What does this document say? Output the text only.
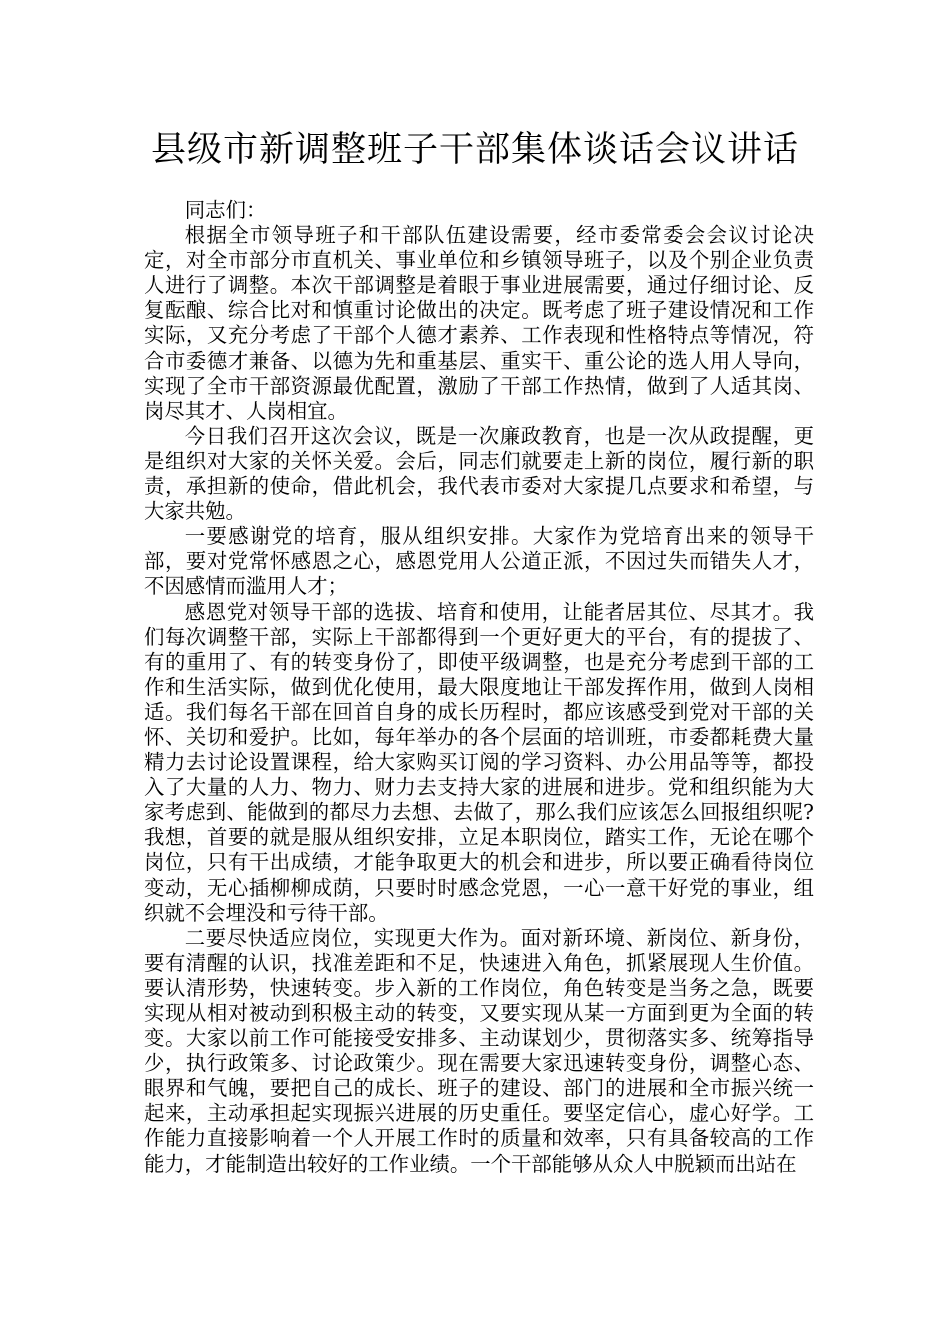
县级市新调整班子干部集体谈话会议讲话

同志们：

根据全市领导班子和干部队伍建设需要，经市委常委会会议讨论决定，对全市部分市直机关、事业单位和乡镇领导班子，以及个别企业负责人进行了调整。本次干部调整是着眼于事业进展需要，通过仔细讨论、反复酝酿、综合比对和慎重讨论做出的决定。既考虑了班子建设情况和工作实际，又充分考虑了干部个人德才素养、工作表现和性格特点等情况，符合市委德才兼备、以德为先和重基层、重实干、重公论的选人用人导向，实现了全市干部资源最优配置，激励了干部工作热情，做到了人适其岗、岗尽其才、人岗相宜。

今日我们召开这次会议，既是一次廉政教育，也是一次从政提醒，更是组织对大家的关怀关爱。会后，同志们就要走上新的岗位，履行新的职责，承担新的使命，借此机会，我代表市委对大家提几点要求和希望，与大家共勉。

一要感谢党的培育，服从组织安排。大家作为党培育出来的领导干部，要对党常怀感恩之心，感恩党用人公道正派，不因过失而错失人才，不因感情而滥用人才；

感恩党对领导干部的选拔、培育和使用，让能者居其位、尽其才。我们每次调整干部，实际上干部都得到一个更好更大的平台，有的提拔了、有的重用了、有的转变身份了，即使平级调整，也是充分考虑到干部的工作和生活实际，做到优化使用，最大限度地让干部发挥作用，做到人岗相适。我们每名干部在回首自身的成长历程时，都应该感受到党对干部的关怀、关切和爱护。比如，每年举办的各个层面的培训班，市委都耗费大量精力去讨论设置课程，给大家购买订阅的学习资料、办公用品等等，都投入了大量的人力、物力、财力去支持大家的进展和进步。党和组织能为大家考虑到、能做到的都尽力去想、去做了，那么我们应该怎么回报组织呢?我想，首要的就是服从组织安排，立足本职岗位，踏实工作，无论在哪个岗位，只有干出成绩，才能争取更大的机会和进步，所以要正确看待岗位变动，无心插柳柳成荫，只要时时感念党恩，一心一意干好党的事业，组织就不会埋没和亏待干部。

二要尽快适应岗位，实现更大作为。面对新环境、新岗位、新身份，要有清醒的认识，找准差距和不足，快速进入角色，抓紧展现人生价值。要认清形势，快速转变。步入新的工作岗位，角色转变是当务之急，既要实现从相对被动到积极主动的转变，又要实现从某一方面到更为全面的转变。大家以前工作可能接受安排多、主动谋划少，贯彻落实多、统筹指导少，执行政策多、讨论政策少。现在需要大家迅速转变身份，调整心态、眼界和气魄，要把自己的成长、班子的建设、部门的进展和全市振兴统一起来，主动承担起实现振兴进展的历史重任。要坚定信心，虚心好学。工作能力直接影响着一个人开展工作时的质量和效率，只有具备较高的工作能力，才能制造出较好的工作业绩。一个干部能够从众人中脱颖而出站在
